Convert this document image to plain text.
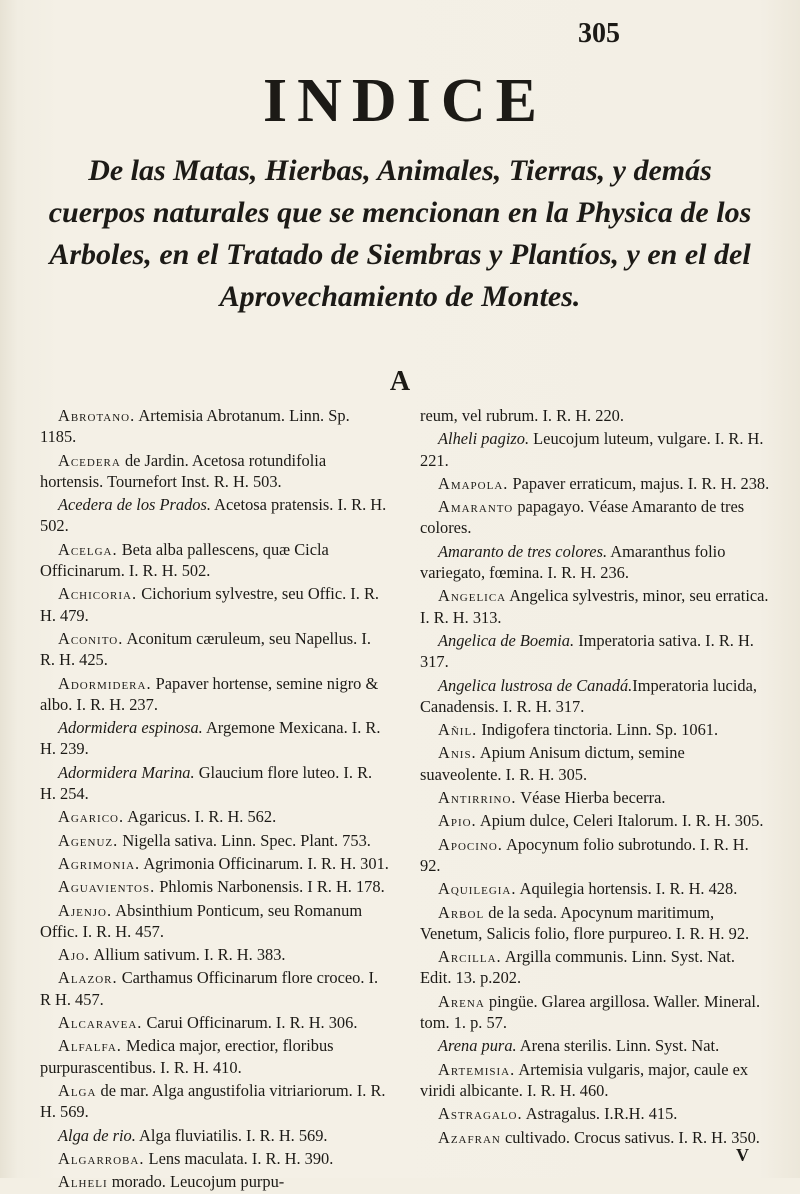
305
INDICE
De las Matas, Hierbas, Animales, Tierras, y demás cuerpos naturales que se mencionan en la Physica de los Arboles, en el Tratado de Siembras y Plantíos, y en el del Aprovechamiento de Montes.
A
Abrotano. Artemisia Abrotanum. Linn. Sp. 1185.
Acedera de Jardin. Acetosa rotundifolia hortensis. Tournefort Inst. R. H. 503.
Acedera de los Prados. Acetosa pratensis. I. R. H. 502.
Acelga. Beta alba pallescens, quæ Cicla Officinarum. I. R. H. 502.
Achicoria. Cichorium sylvestre, seu Offic. I. R. H. 479.
Aconito. Aconitum cæruleum, seu Napellus. I. R. H. 425.
Adormidera. Papaver hortense, semine nigro & albo. I. R. H. 237.
Adormidera espinosa. Argemone Mexicana. I. R. H. 239.
Adormidera Marina. Glaucium flore luteo. I. R. H. 254.
Agarico. Agaricus. I. R. H. 562.
Agenuz. Nigella sativa. Linn. Spec. Plant. 753.
Agrimonia. Agrimonia Officinarum. I. R. H. 301.
Aguavientos. Phlomis Narbonensis. I R. H. 178.
Ajenjo. Absinthium Ponticum, seu Romanum Offic. I. R. H. 457.
Ajo. Allium sativum. I. R. H. 383.
Alazor. Carthamus Officinarum flore croceo. I. R H. 457.
Alcaravea. Carui Officinarum. I. R. H. 306.
Alfalfa. Medica major, erectior, floribus purpurascentibus. I. R. H. 410.
Alga de mar. Alga angustifolia vitriariorum. I. R. H. 569.
Alga de rio. Alga fluviatilis. I. R. H. 569.
Algarroba. Lens maculata. I. R. H. 390.
Alheli morado. Leucojum purpu-
reum, vel rubrum. I. R. H. 220.
Alheli pagizo. Leucojum luteum, vulgare. I. R. H. 221.
Amapola. Papaver erraticum, majus. I. R. H. 238.
Amaranto papagayo. Véase Amaranto de tres colores.
Amaranto de tres colores. Amaranthus folio variegato, fœmina. I. R. H. 236.
Angelica Angelica sylvestris, minor, seu erratica. I. R. H. 313.
Angelica de Boemia. Imperatoria sativa. I. R. H. 317.
Angelica lustrosa de Canadá.Imperatoria lucida, Canadensis. I. R. H. 317.
Añil. Indigofera tinctoria. Linn. Sp. 1061.
Anis. Apium Anisum dictum, semine suaveolente. I. R. H. 305.
Antirrino. Véase Hierba becerra.
Apio. Apium dulce, Celeri Italorum. I. R. H. 305.
Apocino. Apocynum folio subrotundo. I. R. H. 92.
Aquilegia. Aquilegia hortensis. I. R. H. 428.
Arbol de la seda. Apocynum maritimum, Venetum, Salicis folio, flore purpureo. I. R. H. 92.
Arcilla. Argilla communis. Linn. Syst. Nat. Edit. 13. p.202.
Arena pingüe. Glarea argillosa. Waller. Mineral. tom. 1. p. 57.
Arena pura. Arena sterilis. Linn. Syst. Nat.
Artemisia. Artemisia vulgaris, major, caule ex viridi albicante. I. R. H. 460.
Astragalo. Astragalus. I.R.H. 415.
Azafran cultivado. Crocus sativus. I. R. H. 350.
V
